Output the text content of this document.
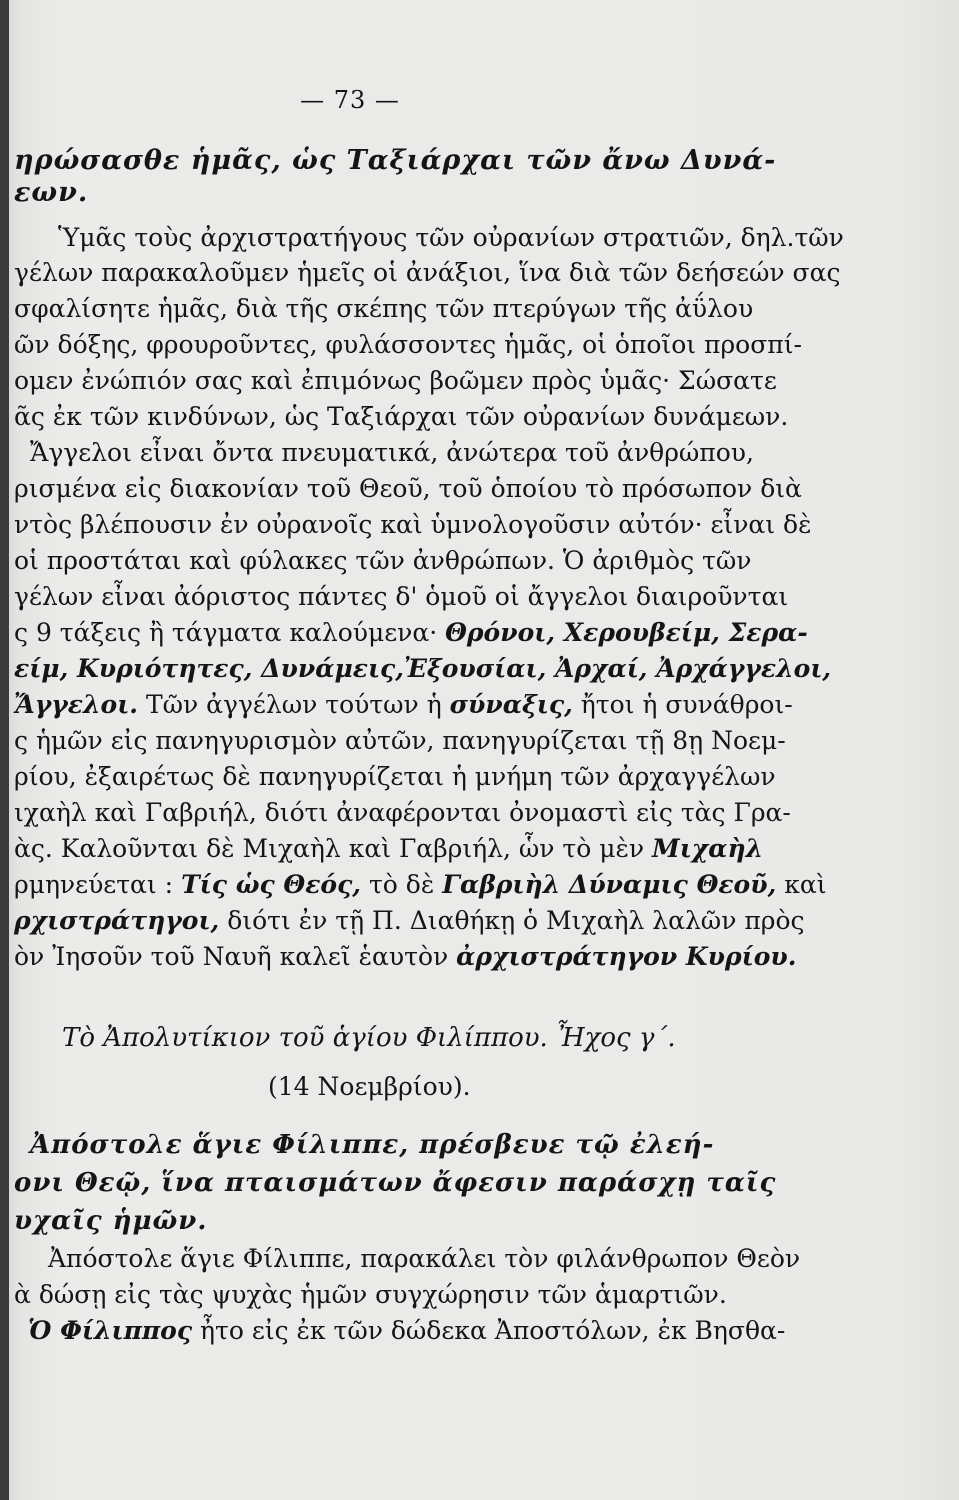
— 73 —
ηρώσασθε ἡμᾶς, ὡς Ταξιάρχαι τῶν ἄνω Δυνά-
εων.
Ὑμᾶς τοὺς ἀρχιστρατήγους τῶν οὐρανίων στρατιῶν, δηλ.τῶν
γέλων παρακαλοῦμεν ἡμεῖς οἱ ἀνάξιοι, ἵνα διὰ τῶν δεήσεών σας
σφαλίσητε ἡμᾶς, διὰ τῆς σκέπης τῶν πτερύγων τῆς ἀΰλου
ῶν δόξης, φρουροῦντες, φυλάσσοντες ἡμᾶς, οἱ ὁποῖοι προσπί-
ομεν ἐνώπιόν σας καὶ ἐπιμόνως βοῶμεν πρὸς ὑμᾶς· Σώσατε
ᾶς ἐκ τῶν κινδύνων, ὡς Ταξιάρχαι τῶν οὐρανίων δυνάμεων.
Ἄγγελοι εἶναι ὄντα πνευματικά, ἀνώτερα τοῦ ἀνθρώπου,
ρισμένα εἰς διακονίαν τοῦ Θεοῦ, τοῦ ὁποίου τὸ πρόσωπον διὰ
ντὸς βλέπουσιν ἐν οὐρανοῖς καὶ ὑμνολογοῦσιν αὐτόν· εἶναι δὲ
οἱ προστάται καὶ φύλακες τῶν ἀνθρώπων. Ὁ ἀριθμὸς τῶν
γέλων εἶναι ἀόριστος πάντες δ' ὁμοῦ οἱ ἄγγελοι διαιροῦνται
ς 9 τάξεις ἢ τάγματα καλούμενα· Θρόνοι, Χερουβείμ, Σερα-
είμ, Κυριότητες, Δυνάμεις,Ἐξουσίαι, Ἀρχαί, Ἀρχάγγελοι,
Ἄγγελοι. Τῶν ἀγγέλων τούτων ἡ σύναξις, ἤτοι ἡ συνάθροι-
ς ἡμῶν εἰς πανηγυρισμὸν αὐτῶν, πανηγυρίζεται τῇ 8ῃ Νοεμ-
ρίου, ἐξαιρέτως δὲ πανηγυρίζεται ἡ μνήμη τῶν ἀρχαγγέλων
ιχαὴλ καὶ Γαβριήλ, διότι ἀναφέρονται ὀνομαστὶ εἰς τὰς Γρα-
ὰς. Καλοῦνται δὲ Μιχαὴλ καὶ Γαβριήλ, ὧν τὸ μὲν Μιχαὴλ
ρμηνεύεται : Τίς ὡς Θεός, τὸ δὲ Γαβριὴλ Δύναμις Θεοῦ, καὶ
ρχιστράτηγοι, διότι ἐν τῇ Π. Διαθήκῃ ὁ Μιχαὴλ λαλῶν πρὸς
ὸν Ἰησοῦν τοῦ Ναυῆ καλεῖ ἑαυτὸν ἀρχιστράτηγον Κυρίου.
Τὸ Ἀπολυτίκιον τοῦ ἁγίου Φιλίππου. Ἦχος γ΄.
(14 Νοεμβρίου).
Ἀπόστολε ἅγιε Φίλιππε, πρέσβευε τῷ ἐλεή-
ονι Θεῷ, ἵνα πταισμάτων ἄφεσιν παράσχῃ ταῖς
υχαῖς ἡμῶν.
Ἀπόστολε ἅγιε Φίλιππε, παρακάλει τὸν φιλάνθρωπον Θεὸν
ὰ δώσῃ εἰς τὰς ψυχὰς ἡμῶν συγχώρησιν τῶν ἁμαρτιῶν.
Ὁ Φίλιππος ἦτο εἰς ἐκ τῶν δώδεκα Ἀποστόλων, ἐκ Βησθα-
